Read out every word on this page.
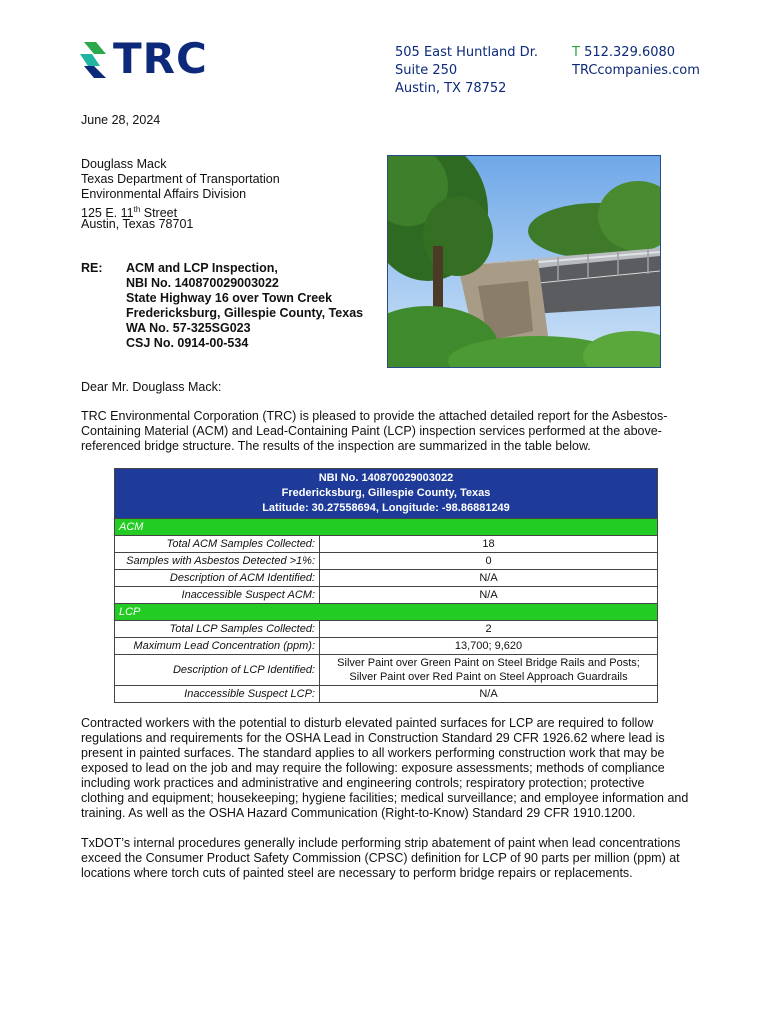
TRC	505 East Huntland Dr.
Suite 250
Austin, TX 78752
T 512.329.6080
TRCcompanies.com
June 28, 2024
Douglass Mack
Texas Department of Transportation
Environmental Affairs Division
125 E. 11th Street
Austin, Texas 78701
RE: ACM and LCP Inspection,
NBI No. 140870029003022
State Highway 16 over Town Creek
Fredericksburg, Gillespie County, Texas
WA No. 57-325SG023
CSJ No. 0914-00-534
Dear Mr. Douglass Mack:
TRC Environmental Corporation (TRC) is pleased to provide the attached detailed report for the Asbestos-Containing Material (ACM) and Lead-Containing Paint (LCP) inspection services performed at the above-referenced bridge structure. The results of the inspection are summarized in the table below.
NBI No. 140870029003022
Fredericksburg, Gillespie County, Texas
Latitude: 30.27558694, Longitude: -98.86881249	

ACM	
Total ACM Samples Collected:	18
Samples with Asbestos Detected >1%:	0
Description of ACM Identified:	N/A
Inaccessible Suspect ACM:	N/A
LCP	
Total LCP Samples Collected:	2
Maximum Lead Concentration (ppm):	13,700; 9,620
Description of LCP Identified:	Silver Paint over Green Paint on Steel Bridge Rails and Posts;
Silver Paint over Red Paint on Steel Approach Guardrails

Inaccessible Suspect LCP:	N/A
Contracted workers with the potential to disturb elevated painted surfaces for LCP are required to follow regulations and requirements for the OSHA Lead in Construction Standard 29 CFR 1926.62 where lead is present in painted surfaces. The standard applies to all workers performing construction work that may be exposed to lead on the job and may require the following: exposure assessments; methods of compliance including work practices and administrative and engineering controls; respiratory protection; protective clothing and equipment; housekeeping; hygiene facilities; medical surveillance; and employee information and training. As well as the OSHA Hazard Communication (Right-to-Know) Standard 29 CFR 1910.1200.
TxDOT’s internal procedures generally include performing strip abatement of paint when lead concentrations exceed the Consumer Product Safety Commission (CPSC) definition for LCP of 90 parts per million (ppm) at locations where torch cuts of painted steel are necessary to perform bridge repairs or replacements.
